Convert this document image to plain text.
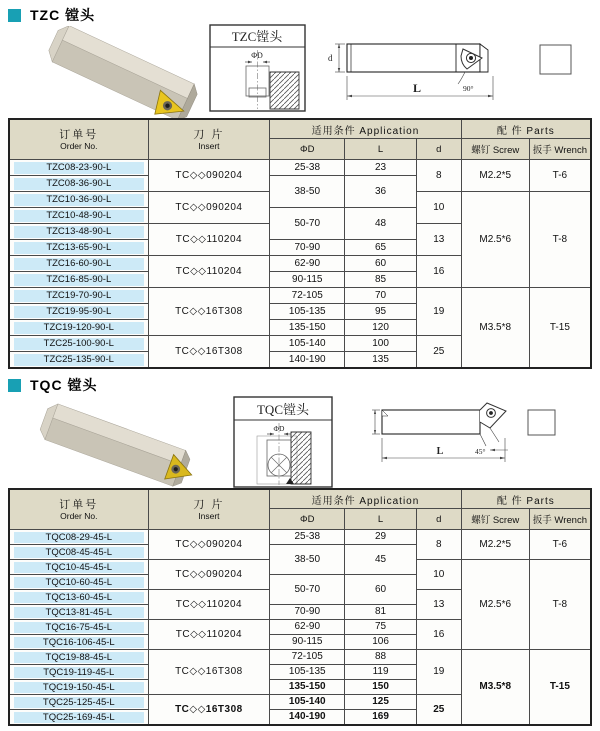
TZC 镗头
TZC镗头
ΦD	d
L	90°
订单号
Order No.

刀 片
Insert
	适用条件 Application	配 件 Parts
		ΦD	L	d	螺钉 Screw	扳手 Wrench

TZC08-23-90-L	TC◇◇090204	25-38	23	8	M2.2*5	T-6

TZC08-36-90-L		38-50	36			

TZC10-36-90-L	TC◇◇090204			10	M2.5*6	T-8

TZC10-48-90-L		50-70	48			

TZC13-48-90-L	TC◇◇110204			13		

TZC13-65-90-L		70-90	65			

TZC16-60-90-L	TC◇◇110204	62-90	60	16		

TZC16-85-90-L		90-115	85			

TZC19-70-90-L	TC◇◇16T308	72-105	70	19	M3.5*8	T-15

TZC19-95-90-L		105-135	95			

TZC19-120-90-L		135-150	120			

TZC25-100-90-L	TC◇◇16T308	105-140	100	25		

TZC25-135-90-L		140-190	135			
TQC 镗头
TQC镗头
ΦD
45°
L
订单号
Order No.

刀 片
Insert
	适用条件 Application	配 件 Parts
		ΦD	L	d	螺钉 Screw	扳手 Wrench

TQC08-29-45-L	TC◇◇090204	25-38	29	8	M2.2*5	T-6

TQC08-45-45-L		38-50	45			

TQC10-45-45-L	TC◇◇090204			10	M2.5*6	T-8

TQC10-60-45-L		50-70	60			

TQC13-60-45-L	TC◇◇110204			13		

TQC13-81-45-L		70-90	81			

TQC16-75-45-L	TC◇◇110204	62-90	75	16		

TQC16-106-45-L		90-115	106			

TQC19-88-45-L	TC◇◇16T308	72-105	88	19	M3.5*8	T-15

TQC19-119-45-L		105-135	119			

TQC19-150-45-L		135-150	150			

TQC25-125-45-L	TC◇◇16T308	105-140	125	25		

TQC25-169-45-L		140-190	169			
